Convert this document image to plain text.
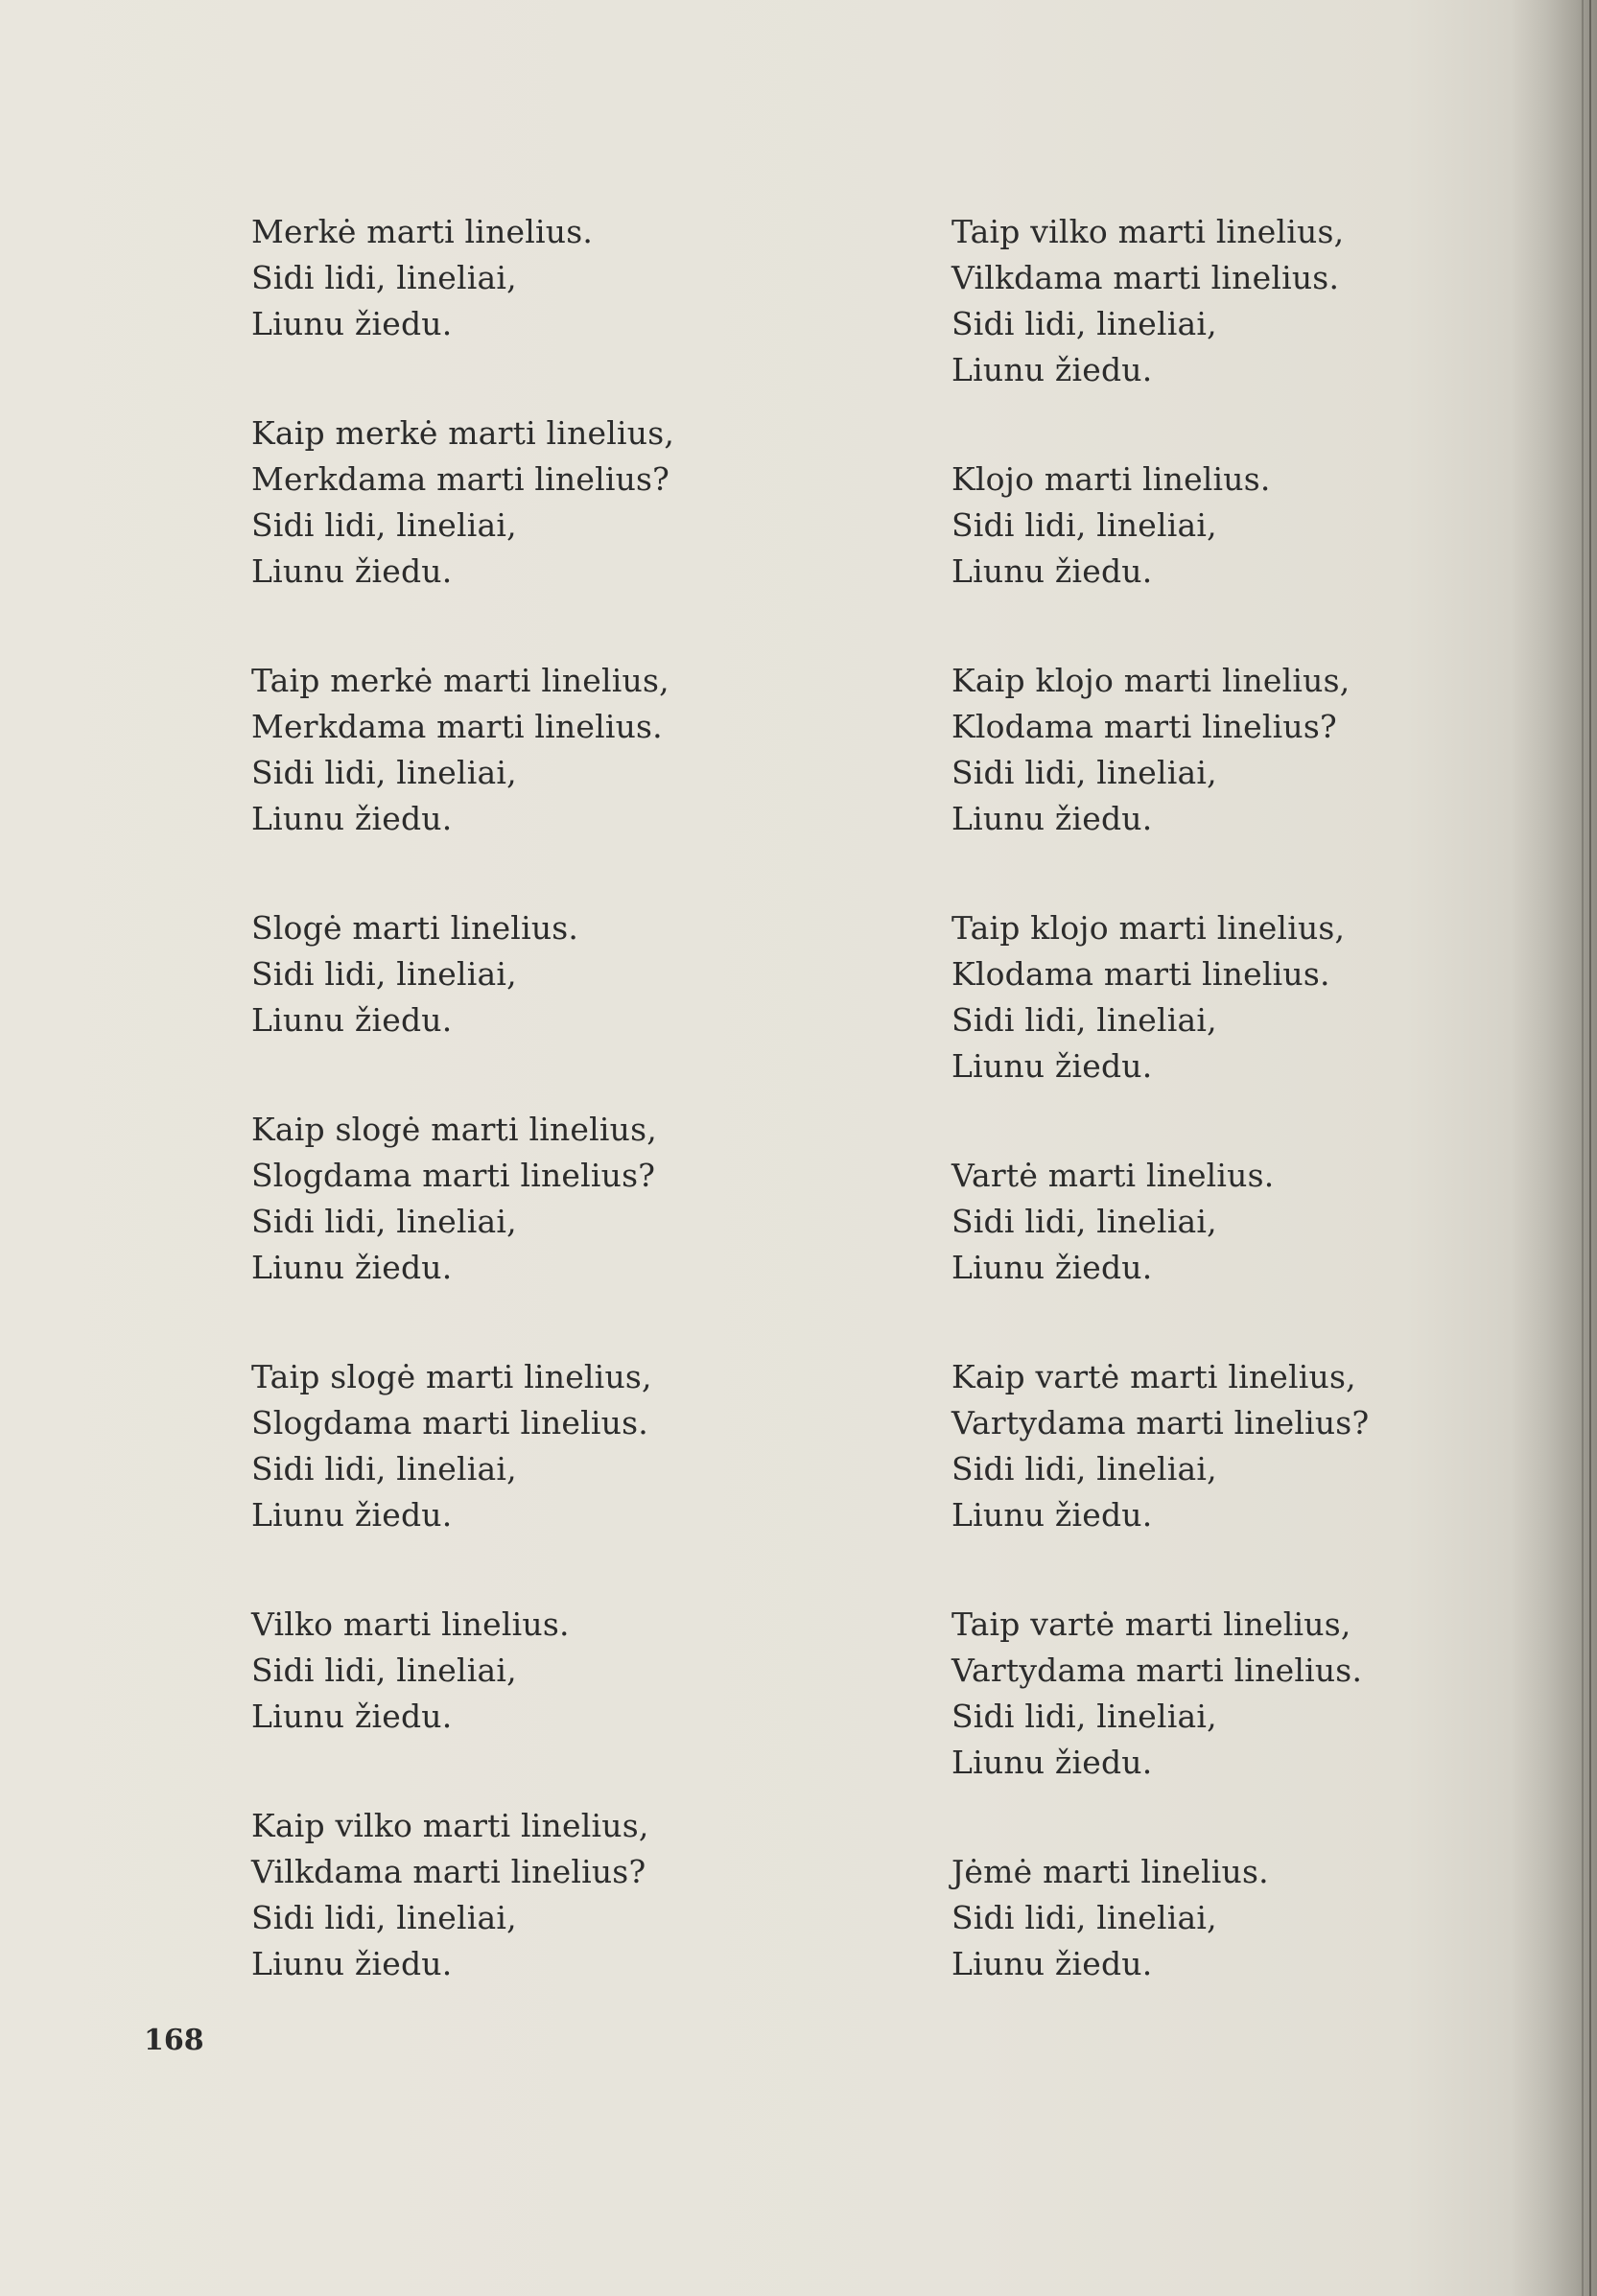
Merkė marti linelius.
Sidi lidi, lineliai,
Liunu žiedu.
Kaip merkė marti linelius,
Merkdama marti linelius?
Sidi lidi, lineliai,
Liunu žiedu.
Taip merkė marti linelius,
Merkdama marti linelius.
Sidi lidi, lineliai,
Liunu žiedu.
Slogė marti linelius.
Sidi lidi, lineliai,
Liunu žiedu.
Kaip slogė marti linelius,
Slogdama marti linelius?
Sidi lidi, lineliai,
Liunu žiedu.
Taip slogė marti linelius,
Slogdama marti linelius.
Sidi lidi, lineliai,
Liunu žiedu.
Vilko marti linelius.
Sidi lidi, lineliai,
Liunu žiedu.
Kaip vilko marti linelius,
Vilkdama marti linelius?
Sidi lidi, lineliai,
Liunu žiedu.
Taip vilko marti linelius,
Vilkdama marti linelius.
Sidi lidi, lineliai,
Liunu žiedu.
Klojo marti linelius.
Sidi lidi, lineliai,
Liunu žiedu.
Kaip klojo marti linelius,
Klodama marti linelius?
Sidi lidi, lineliai,
Liunu žiedu.
Taip klojo marti linelius,
Klodama marti linelius.
Sidi lidi, lineliai,
Liunu žiedu.
Vartė marti linelius.
Sidi lidi, lineliai,
Liunu žiedu.
Kaip vartė marti linelius,
Vartydama marti linelius?
Sidi lidi, lineliai,
Liunu žiedu.
Taip vartė marti linelius,
Vartydama marti linelius.
Sidi lidi, lineliai,
Liunu žiedu.
Jėmė marti linelius.
Sidi lidi, lineliai,
Liunu žiedu.
168
